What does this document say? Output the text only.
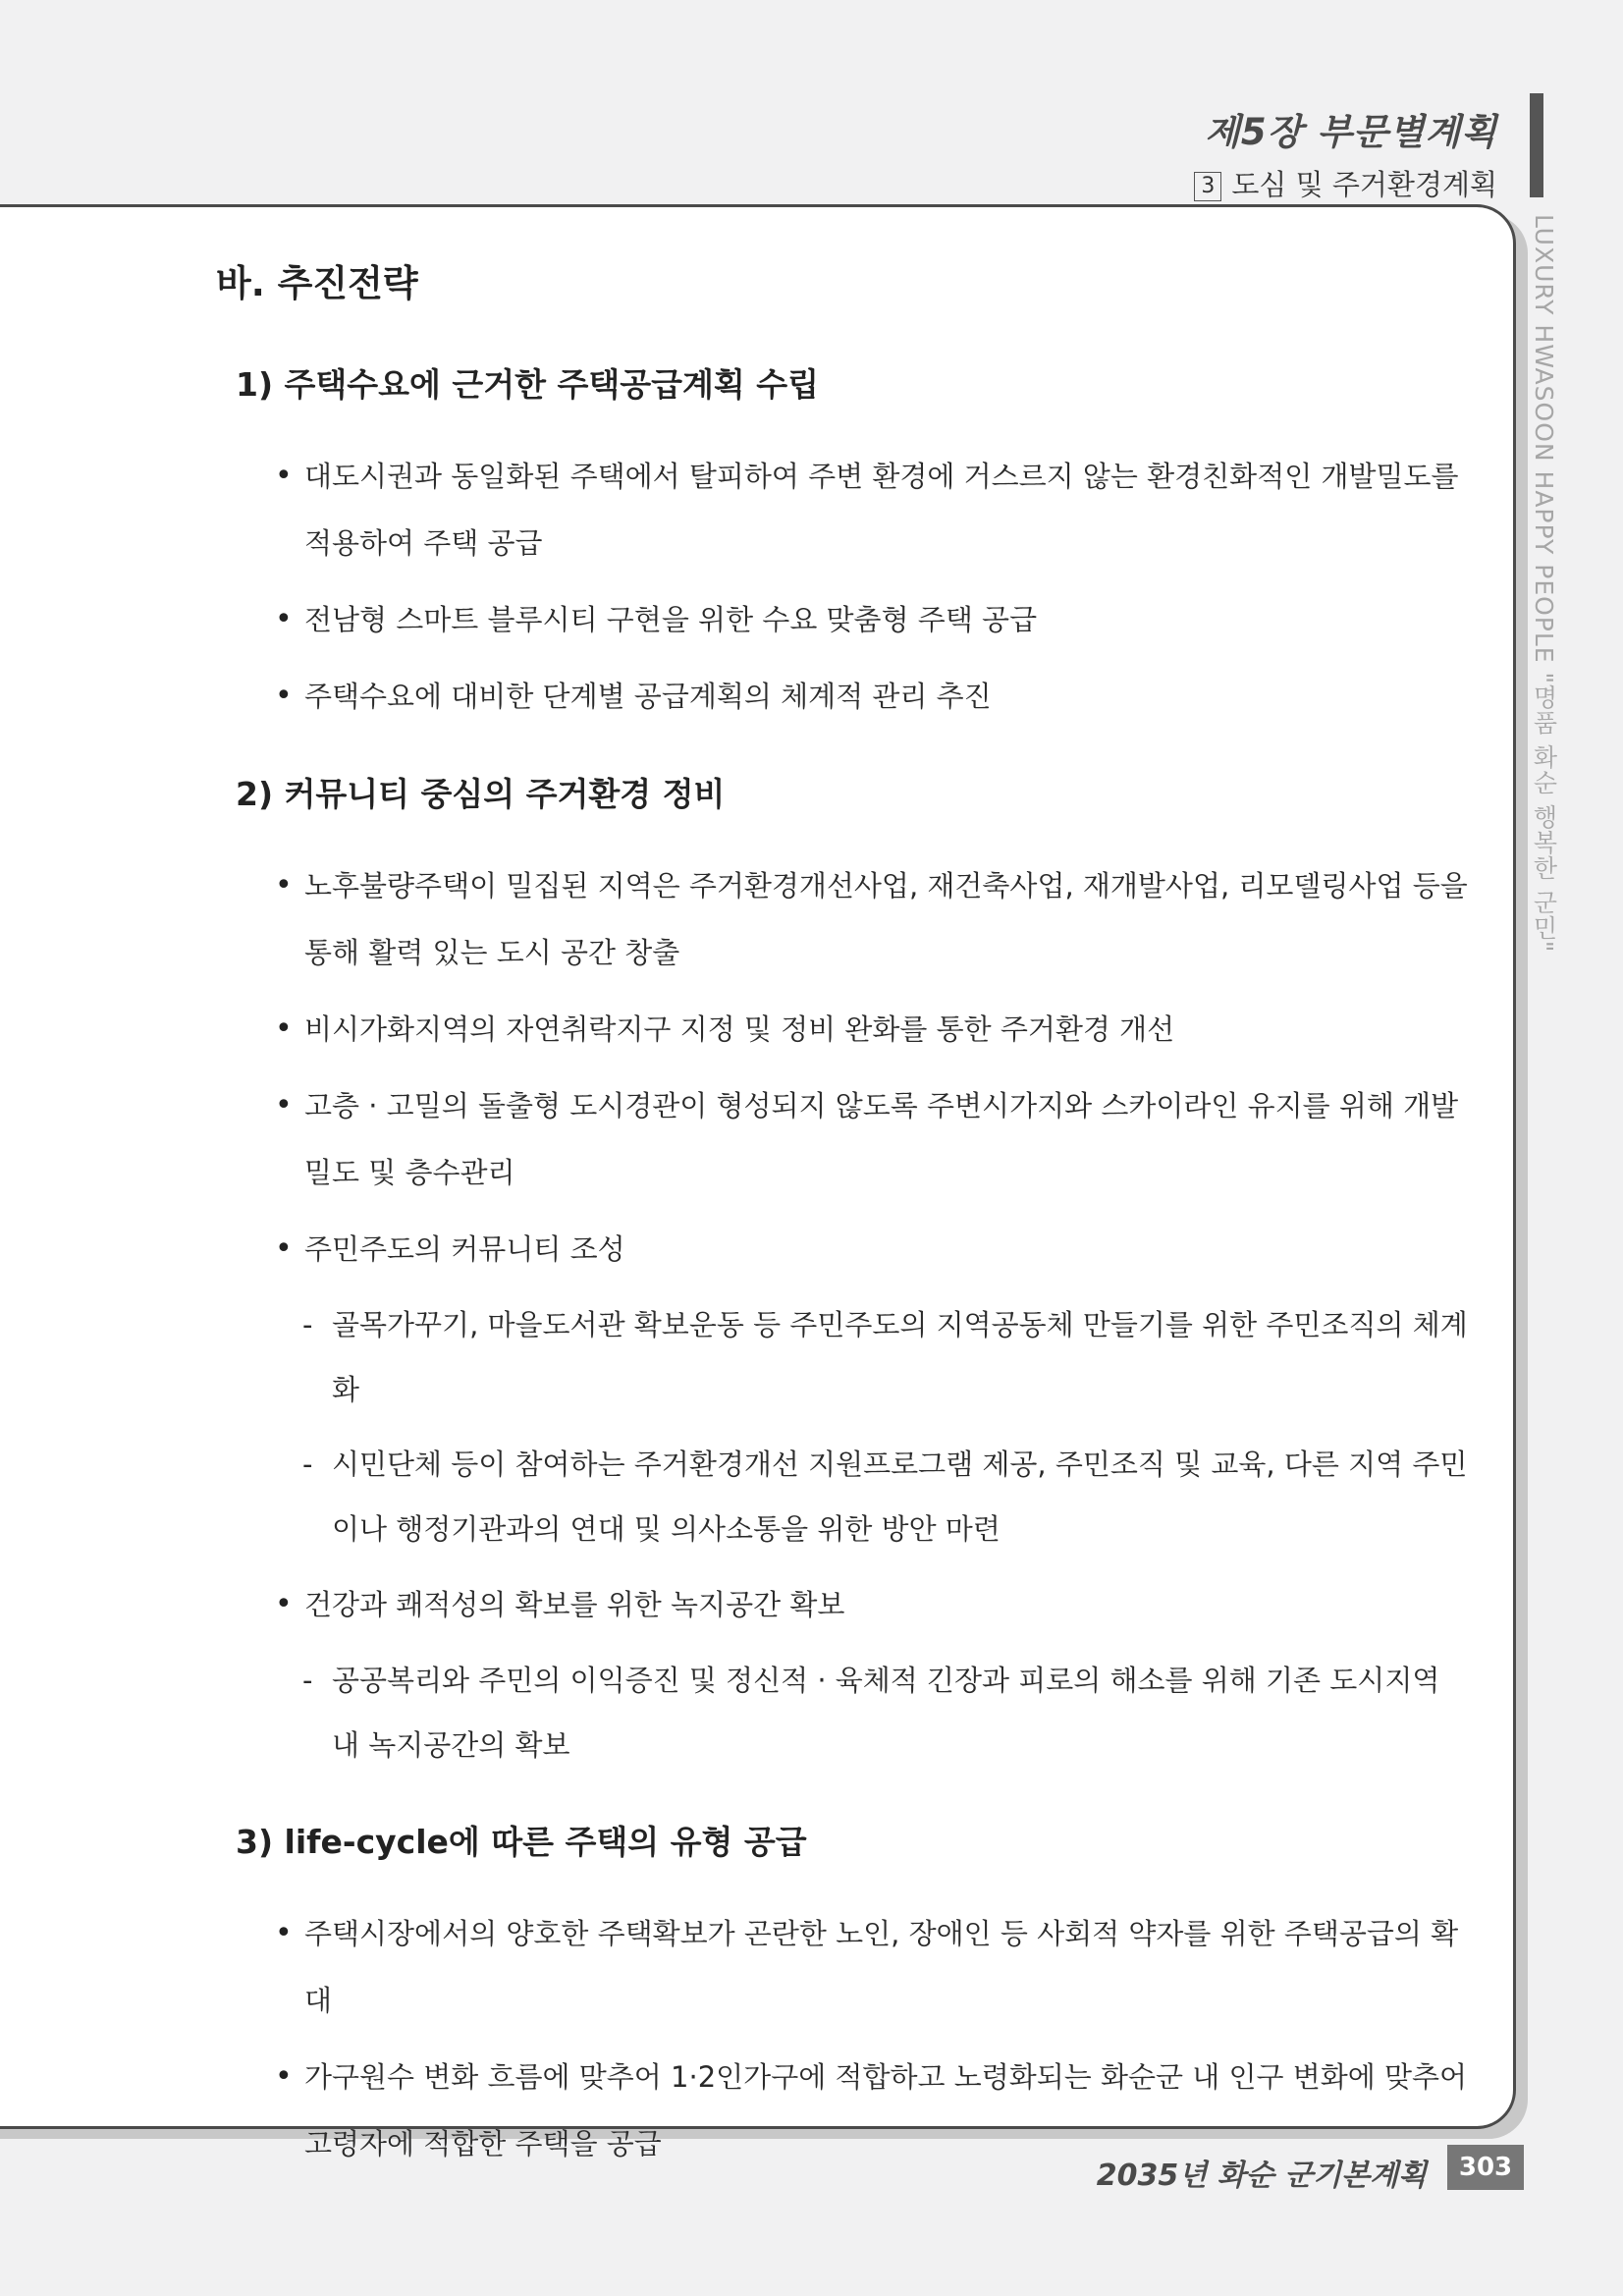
제5장 부문별계획
3 도심 및 주거환경계획
LUXURY HWASOON HAPPY PEOPLE "명품 화순 행복한 군민"
바. 추진전략
1) 주택수요에 근거한 주택공급계획 수립
• 대도시권과 동일화된 주택에서 탈피하여 주변 환경에 거스르지 않는 환경친화적인 개발밀도를 적용하여 주택 공급
• 전남형 스마트 블루시티 구현을 위한 수요 맞춤형 주택 공급
• 주택수요에 대비한 단계별 공급계획의 체계적 관리 추진
2) 커뮤니티 중심의 주거환경 정비
• 노후불량주택이 밀집된 지역은 주거환경개선사업, 재건축사업, 재개발사업, 리모델링사업 등을 통해 활력 있는 도시 공간 창출
• 비시가화지역의 자연취락지구 지정 및 정비 완화를 통한 주거환경 개선
• 고층 · 고밀의 돌출형 도시경관이 형성되지 않도록 주변시가지와 스카이라인 유지를 위해 개발밀도 및 층수관리
• 주민주도의 커뮤니티 조성
- 골목가꾸기, 마을도서관 확보운동 등 주민주도의 지역공동체 만들기를 위한 주민조직의 체계화
- 시민단체 등이 참여하는 주거환경개선 지원프로그램 제공, 주민조직 및 교육, 다른 지역 주민이나 행정기관과의 연대 및 의사소통을 위한 방안 마련
• 건강과 쾌적성의 확보를 위한 녹지공간 확보
- 공공복리와 주민의 이익증진 및 정신적 · 육체적 긴장과 피로의 해소를 위해 기존 도시지역 내 녹지공간의 확보
3) life-cycle에 따른 주택의 유형 공급
• 주택시장에서의 양호한 주택확보가 곤란한 노인, 장애인 등 사회적 약자를 위한 주택공급의 확대
• 가구원수 변화 흐름에 맞추어 1·2인가구에 적합하고 노령화되는 화순군 내 인구 변화에 맞추어 고령자에 적합한 주택을 공급
2035년 화순 군기본계획	303
